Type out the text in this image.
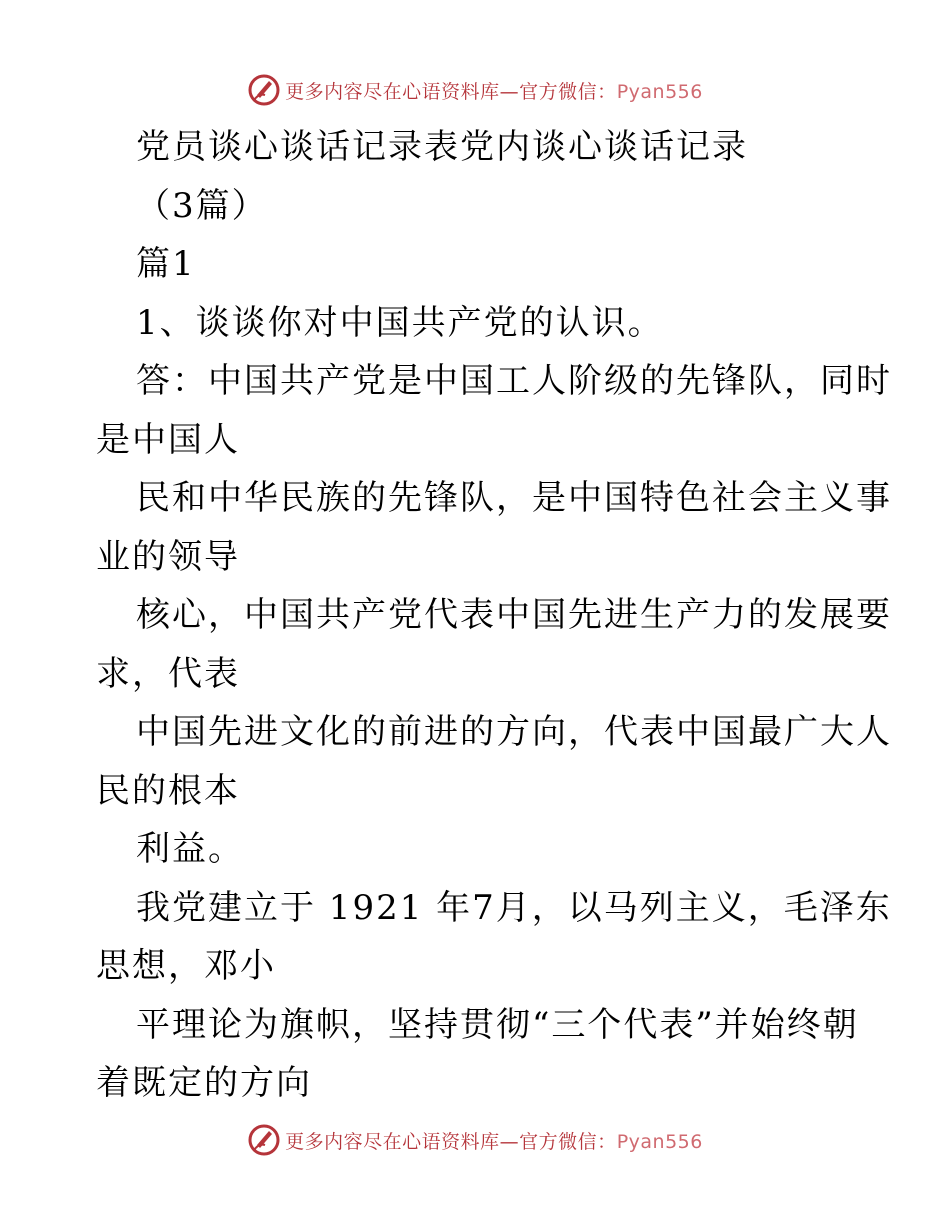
更多内容尽在心语资料库—官方微信：Pyan556
党员谈心谈话记录表党内谈心谈话记录
（3篇）
篇1
1、谈谈你对中国共产党的认识。
答：中国共产党是中国工人阶级的先锋队，同时
是中国人
民和中华民族的先锋队，是中国特色社会主义事
业的领导
核心，中国共产党代表中国先进生产力的发展要
求，代表
中国先进文化的前进的方向，代表中国最广大人
民的根本
利益。
我党建立于 1921 年7月，以马列主义，毛泽东
思想，邓小
平理论为旗帜，坚持贯彻“三个代表”并始终朝
着既定的方向
更多内容尽在心语资料库—官方微信：Pyan556
